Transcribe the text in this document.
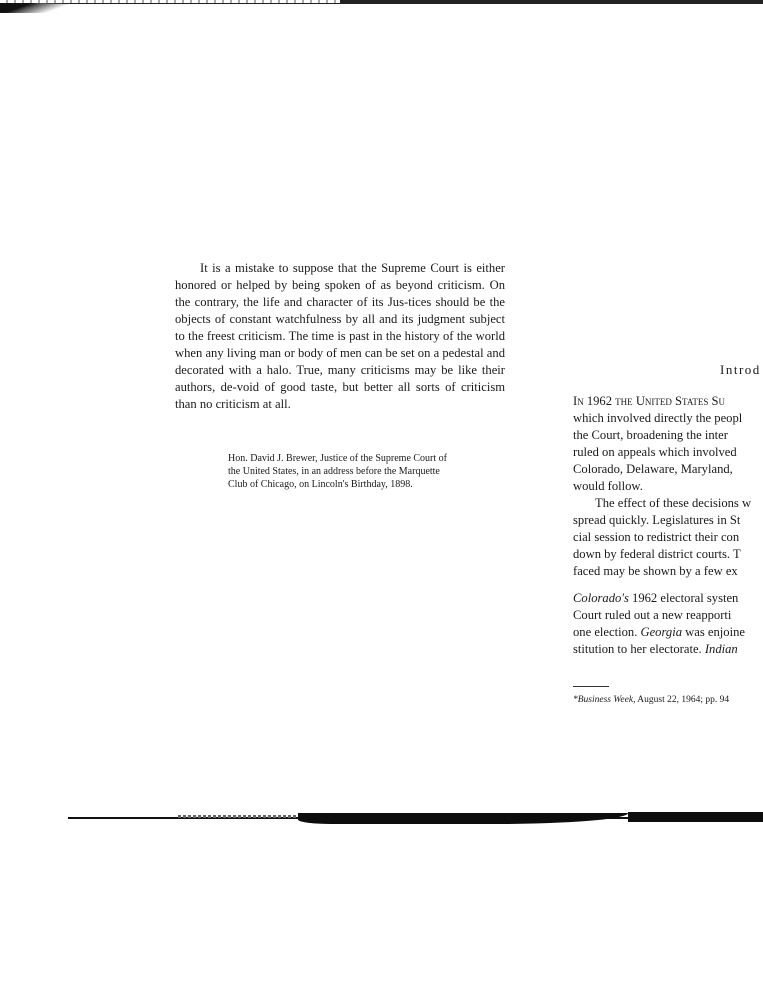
It is a mistake to suppose that the Supreme Court is either honored or helped by being spoken of as beyond criticism. On the contrary, the life and character of its Jus-tices should be the objects of constant watchfulness by all and its judgment subject to the freest criticism. The time is past in the history of the world when any living man or body of men can be set on a pedestal and decorated with a halo. True, many criticisms may be like their authors, de-void of good taste, but better all sorts of criticism than no criticism at all.

Hon. David J. Brewer, Justice of the Supreme Court of
the United States, in an address before the Marquette
Club of Chicago, on Lincoln's Birthday, 1898.
Introd
In 1962 the United States Su
which involved directly the peopl
the Court, broadening the inter
ruled on appeals which involved
Colorado, Delaware, Maryland,
would follow.
The effect of these decisions w
spread quickly. Legislatures in St
cial session to redistrict their con
down by federal district courts. T
faced may be shown by a few ex
Colorado's 1962 electoral systen
Court ruled out a new reapporti
one election. Georgia was enjoine
stitution to her electorate. Indian
*Business Week, August 22, 1964; pp. 94
